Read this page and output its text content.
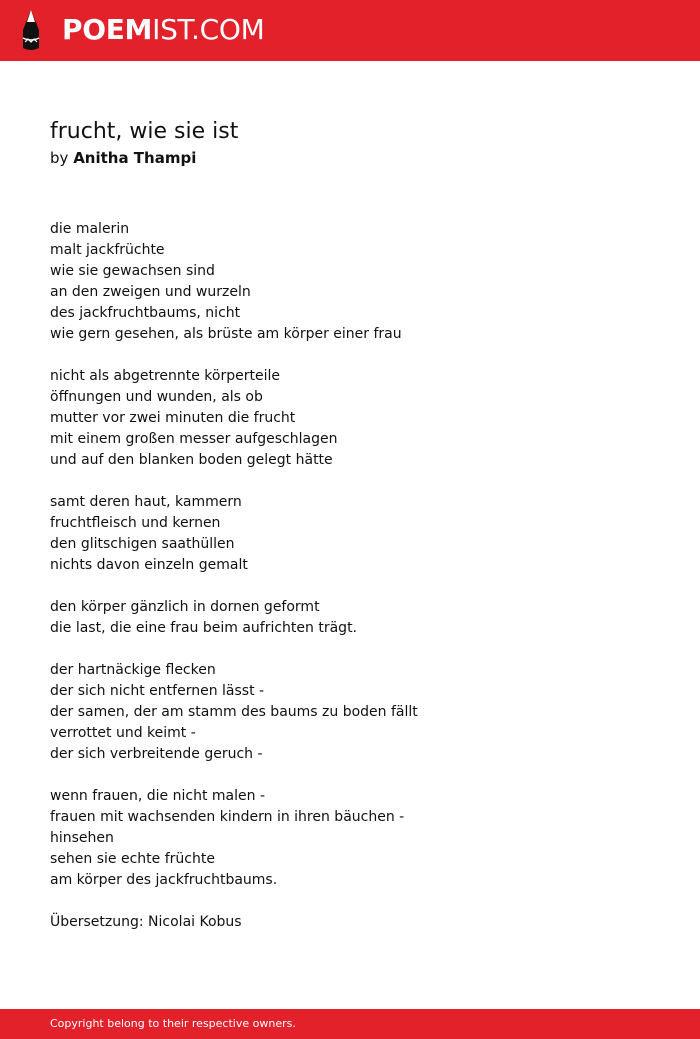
POEMIST.COM
frucht, wie sie ist
by Anitha Thampi
die malerin
malt jackfrüchte
wie sie gewachsen sind
an den zweigen und wurzeln
des jackfruchtbaums, nicht
wie gern gesehen, als brüste am körper einer frau
nicht als abgetrennte körperteile
öffnungen und wunden, als ob
mutter vor zwei minuten die frucht
mit einem großen messer aufgeschlagen
und auf den blanken boden gelegt hätte
samt deren haut, kammern
fruchtfleisch und kernen
den glitschigen saathüllen
nichts davon einzeln gemalt
den körper gänzlich in dornen geformt
die last, die eine frau beim aufrichten trägt.
der hartnäckige flecken
der sich nicht entfernen lässt -
der samen, der am stamm des baums zu boden fällt
verrottet und keimt -
der sich verbreitende geruch -
wenn frauen, die nicht malen -
frauen mit wachsenden kindern in ihren bäuchen -
hinsehen
sehen sie echte früchte
am körper des jackfruchtbaums.
Übersetzung: Nicolai Kobus
Copyright belong to their respective owners.
